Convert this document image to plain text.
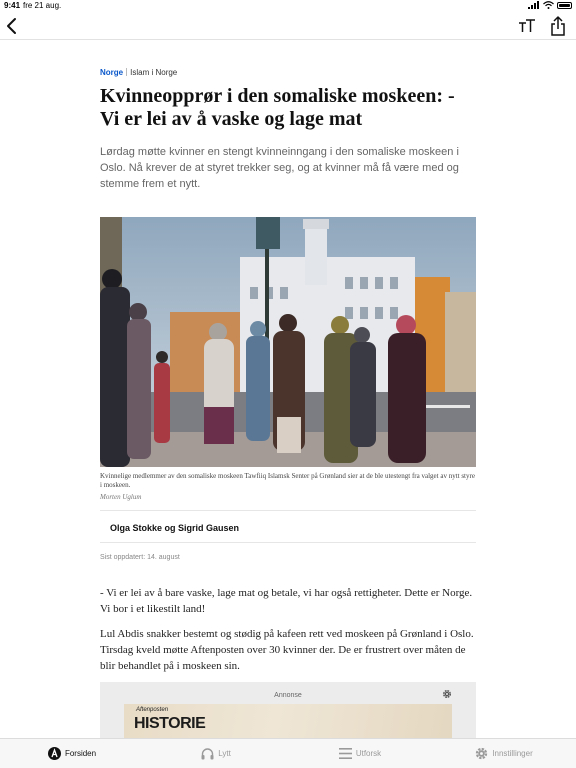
9:41 fre 21 aug.
Norge Islam i Norge
Kvinneopprør i den somaliske moskeen: - Vi er lei av å vaske og lage mat

Lørdag møtte kvinner en stengt kvinneinngang i den somaliske moskeen i Oslo. Nå krever de at styret trekker seg, og at kvinner må få være med og stemme frem et nytt.

Kvinnelige medlemmer av den somaliske moskeen Tawfiiq Islamsk Senter på Grønland sier at de ble utestengt fra valget av nytt styre i moskeen.

Morten Uglum

Olga Stokke og Sigrid Gausen

Sist oppdatert: 14. august

- Vi er lei av å bare vaske, lage mat og betale, vi har også rettigheter. Dette er Norge. Vi bor i et likestilt land!

Lul Abdis snakker bestemt og stødig på kafeen rett ved moskeen på Grønland i Oslo. Tirsdag kveld møtte Aftenposten over 30 kvinner der. De er frustrert over måten de blir behandlet på i moskeen sin.

Annonse
Aftenposten
HISTORIE
Forsiden	Lytt	Utforsk	Innstillinger
